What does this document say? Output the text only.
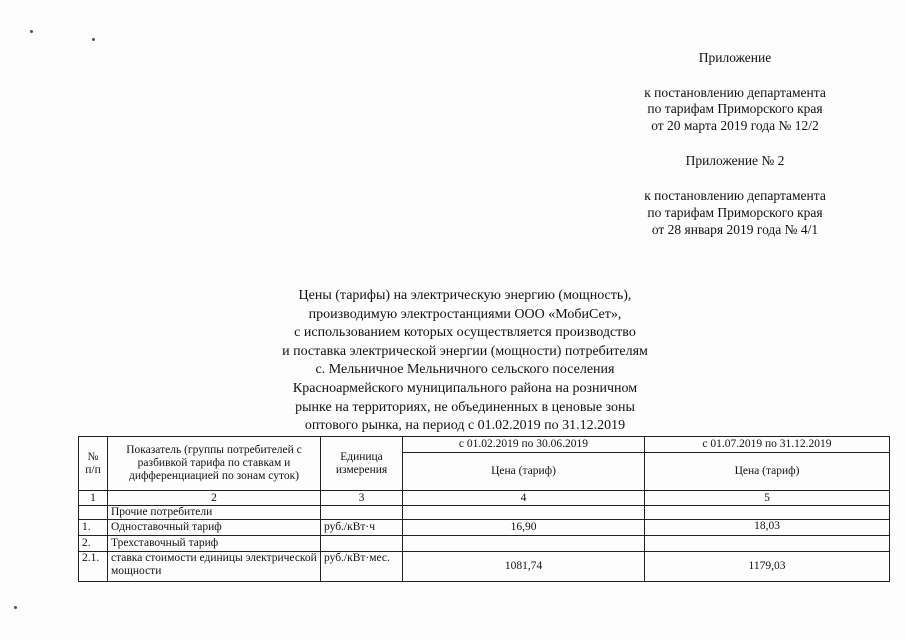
Приложение
к постановлению департамента
по тарифам Приморского края
от 20 марта 2019 года № 12/2
Приложение № 2
к постановлению департамента
по тарифам Приморского края
от 28 января 2019 года № 4/1
Цены (тарифы) на электрическую энергию (мощность),
производимую электростанциями ООО «МобиСет»,
с использованием которых осуществляется производство
и поставка электрической энергии (мощности) потребителям
с. Мельничное Мельничного сельского поселения
Красноармейского муниципального района на розничном
рынке на территориях, не объединенных в ценовые зоны
оптового рынка, на период с 01.02.2019 по 31.12.2019
№ п/п	Показатель (группы потребителей с разбивкой тарифа по ставкам и дифференциацией по зонам суток)	Единица измерения	с 01.02.2019 по 30.06.2019	с 01.07.2019 по 31.12.2019
			Цена (тариф)	Цена (тариф)
1	2	3	4	5
	Прочие потребители			
1.	Одноставочный тариф	руб./кВт·ч	16,90	18,03
2.	Трехставочный тариф			
2.1.	ставка стоимости единицы электрической мощности	руб./кВт·мес.	1081,74	1179,03
